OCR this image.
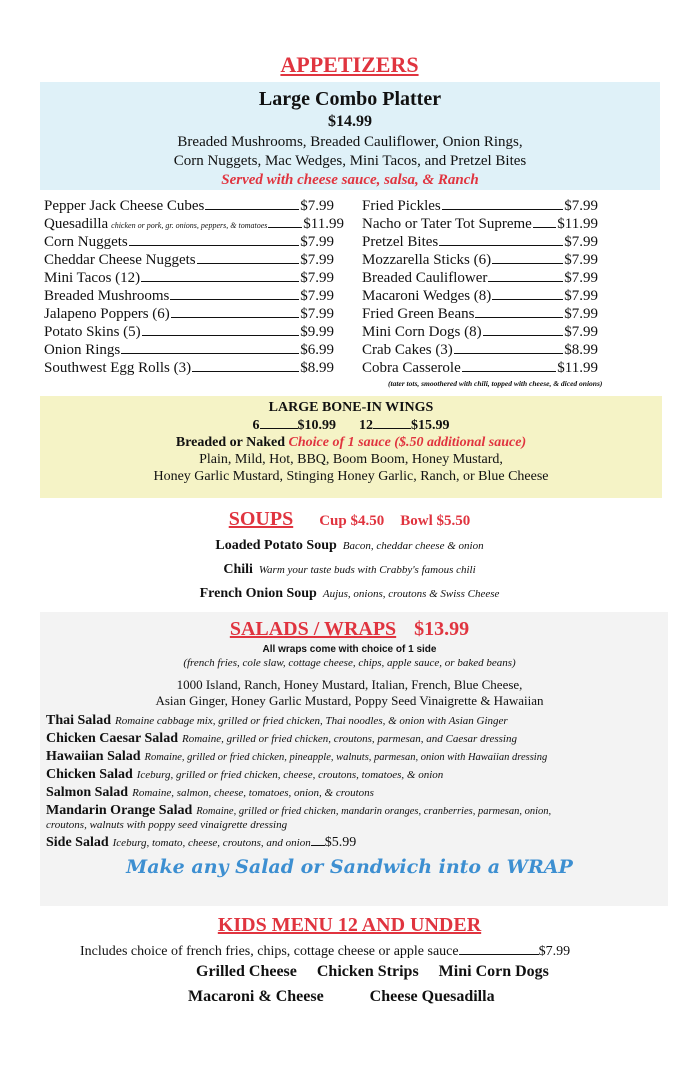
APPETIZERS
Large Combo Platter
$14.99
Breaded Mushrooms, Breaded Cauliflower, Onion Rings,
Corn Nuggets, Mac Wedges, Mini Tacos, and Pretzel Bites
Served with cheese sauce, salsa, & Ranch
Pepper Jack Cheese Cubes	$7.99
Quesadilla chicken or pork, gr. onions, peppers, & tomatoes $11.99
Corn Nuggets	$7.99
Cheddar Cheese Nuggets	$7.99
Mini Tacos (12)	$7.99
Breaded Mushrooms	$7.99
Jalapeno Poppers (6)	$7.99
Potato Skins (5)	$9.99
Onion Rings	$6.99
Southwest Egg Rolls (3)	$8.99
Fried Pickles	$7.99
Nacho or Tater Tot Supreme $11.99
Pretzel Bites	$7.99
Mozzarella Sticks (6)	$7.99
Breaded Cauliflower	$7.99
Macaroni Wedges (8)	$7.99
Fried Green Beans	$7.99
Mini Corn Dogs (8)	$7.99
Crab Cakes (3)	$8.99
Cobra Casserole	$11.99
(tater tots, smoothered with chili, topped with cheese, & diced onions)
LARGE BONE-IN WINGS
6	$10.99 12	$15.99
Breaded or Naked Choice of 1 sauce ($.50 additional sauce)
Plain, Mild, Hot, BBQ, Boom Boom, Honey Mustard,
Honey Garlic Mustard, Stinging Honey Garlic, Ranch, or Blue Cheese
SOUPS Cup $4.50 Bowl $5.50
Loaded Potato Soup Bacon, cheddar cheese & onion
Chili Warm your taste buds with Crabby's famous chili
French Onion Soup Aujus, onions, croutons & Swiss Cheese
SALADS / WRAPS $13.99
All wraps come with choice of 1 side
(french fries, cole slaw, cottage cheese, chips, apple sauce, or baked beans)
1000 Island, Ranch, Honey Mustard, Italian, French, Blue Cheese,
Asian Ginger, Honey Garlic Mustard, Poppy Seed Vinaigrette & Hawaiian
Thai Salad Romaine cabbage mix, grilled or fried chicken, Thai noodles, & onion with Asian Ginger
Chicken Caesar Salad Romaine, grilled or fried chicken, croutons, parmesan, and Caesar dressing
Hawaiian Salad Romaine, grilled or fried chicken, pineapple, walnuts, parmesan, onion with Hawaiian dressing
Chicken Salad Iceburg, grilled or fried chicken, cheese, croutons, tomatoes, & onion
Salmon Salad Romaine, salmon, cheese, tomatoes, onion, & croutons
Mandarin Orange Salad Romaine, grilled or fried chicken, mandarin oranges, cranberries, parmesan, onion,
croutons, walnuts with poppy seed vinaigrette dressing
Side Salad Iceburg, tomato, cheese, croutons, and onion $5.99
Make any Salad or Sandwich into a WRAP
KIDS MENU 12 AND UNDER
Includes choice of french fries, chips, cottage cheese or apple sauce	$7.99
Grilled Cheese Chicken Strips Mini Corn Dogs
Macaroni & Cheese	Cheese Quesadilla
